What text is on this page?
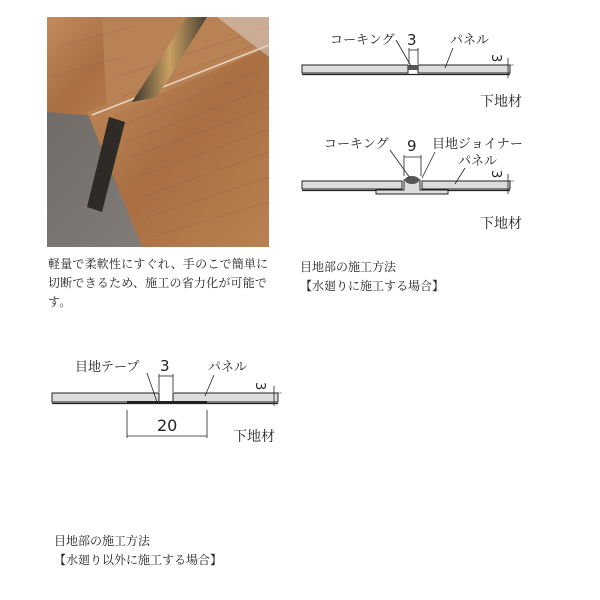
軽量で柔軟性にすぐれ、手のこで簡単に切断できるため、施工の省力化が可能です。
3
コーキング	パネル
3
下地材
9
コーキング	目地ジョイナー
パネル
3
下地材
目地部の施工方法
【水廻りに施工する場合】
3
目地テープ	パネル
3
20
下地材
目地部の施工方法
【水廻り以外に施工する場合】
